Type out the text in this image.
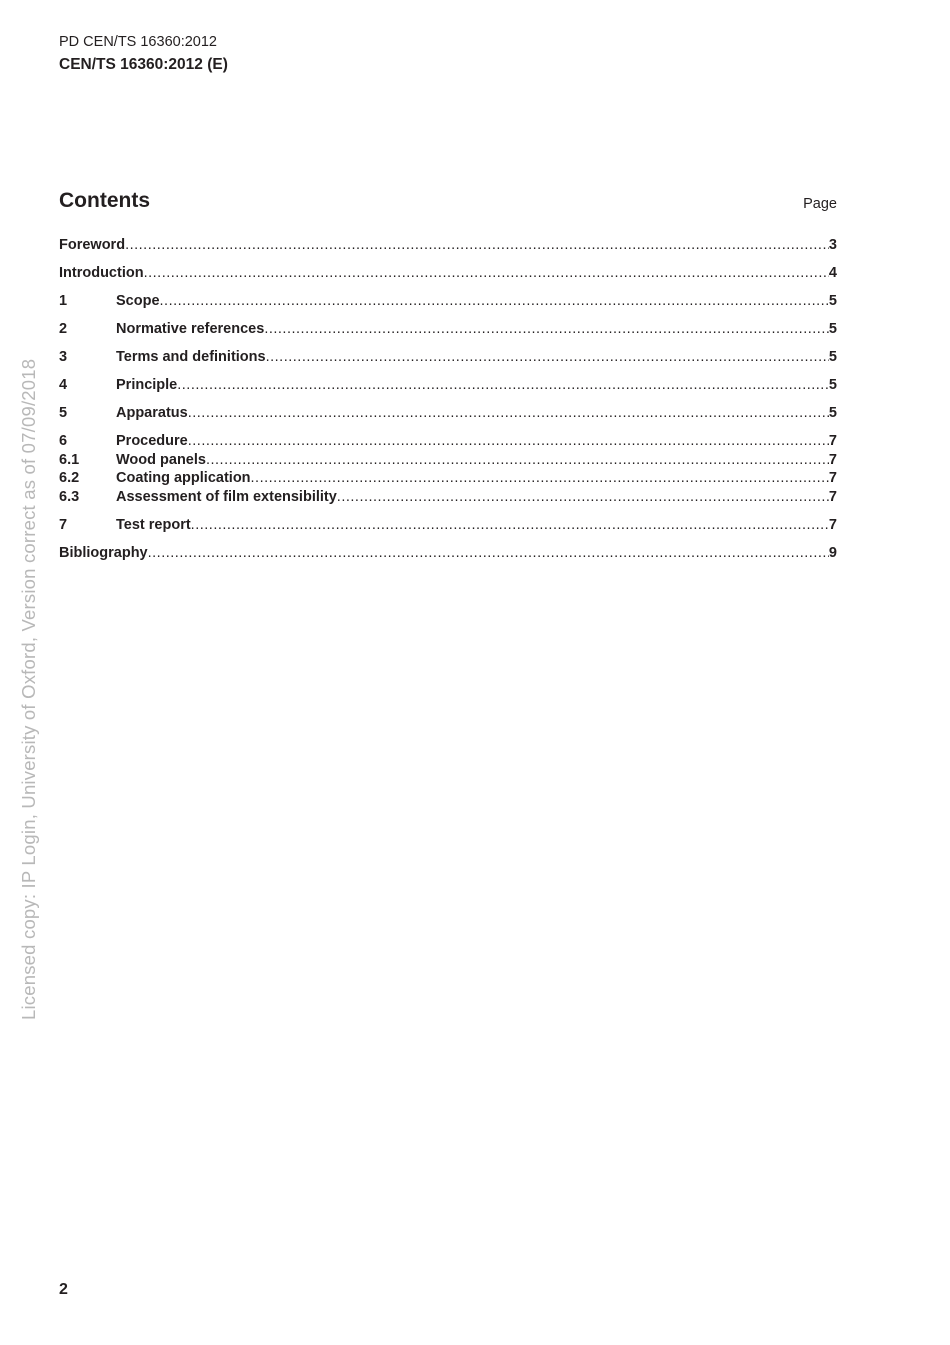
PD CEN/TS 16360:2012
CEN/TS 16360:2012 (E)
Contents	Page
Foreword .....	3
Introduction .....	4
1	Scope .....	5
2	Normative references .....	5
3	Terms and definitions .....	5
4	Principle .....	5
5	Apparatus .....	5
6	Procedure .....	7
6.1	Wood panels .....	7
6.2	Coating application .....	7
6.3	Assessment of film extensibility .....	7
7	Test report .....	7
Bibliography .....	9
Licensed copy: IP Login, University of Oxford, Version correct as of 07/09/2018
2
